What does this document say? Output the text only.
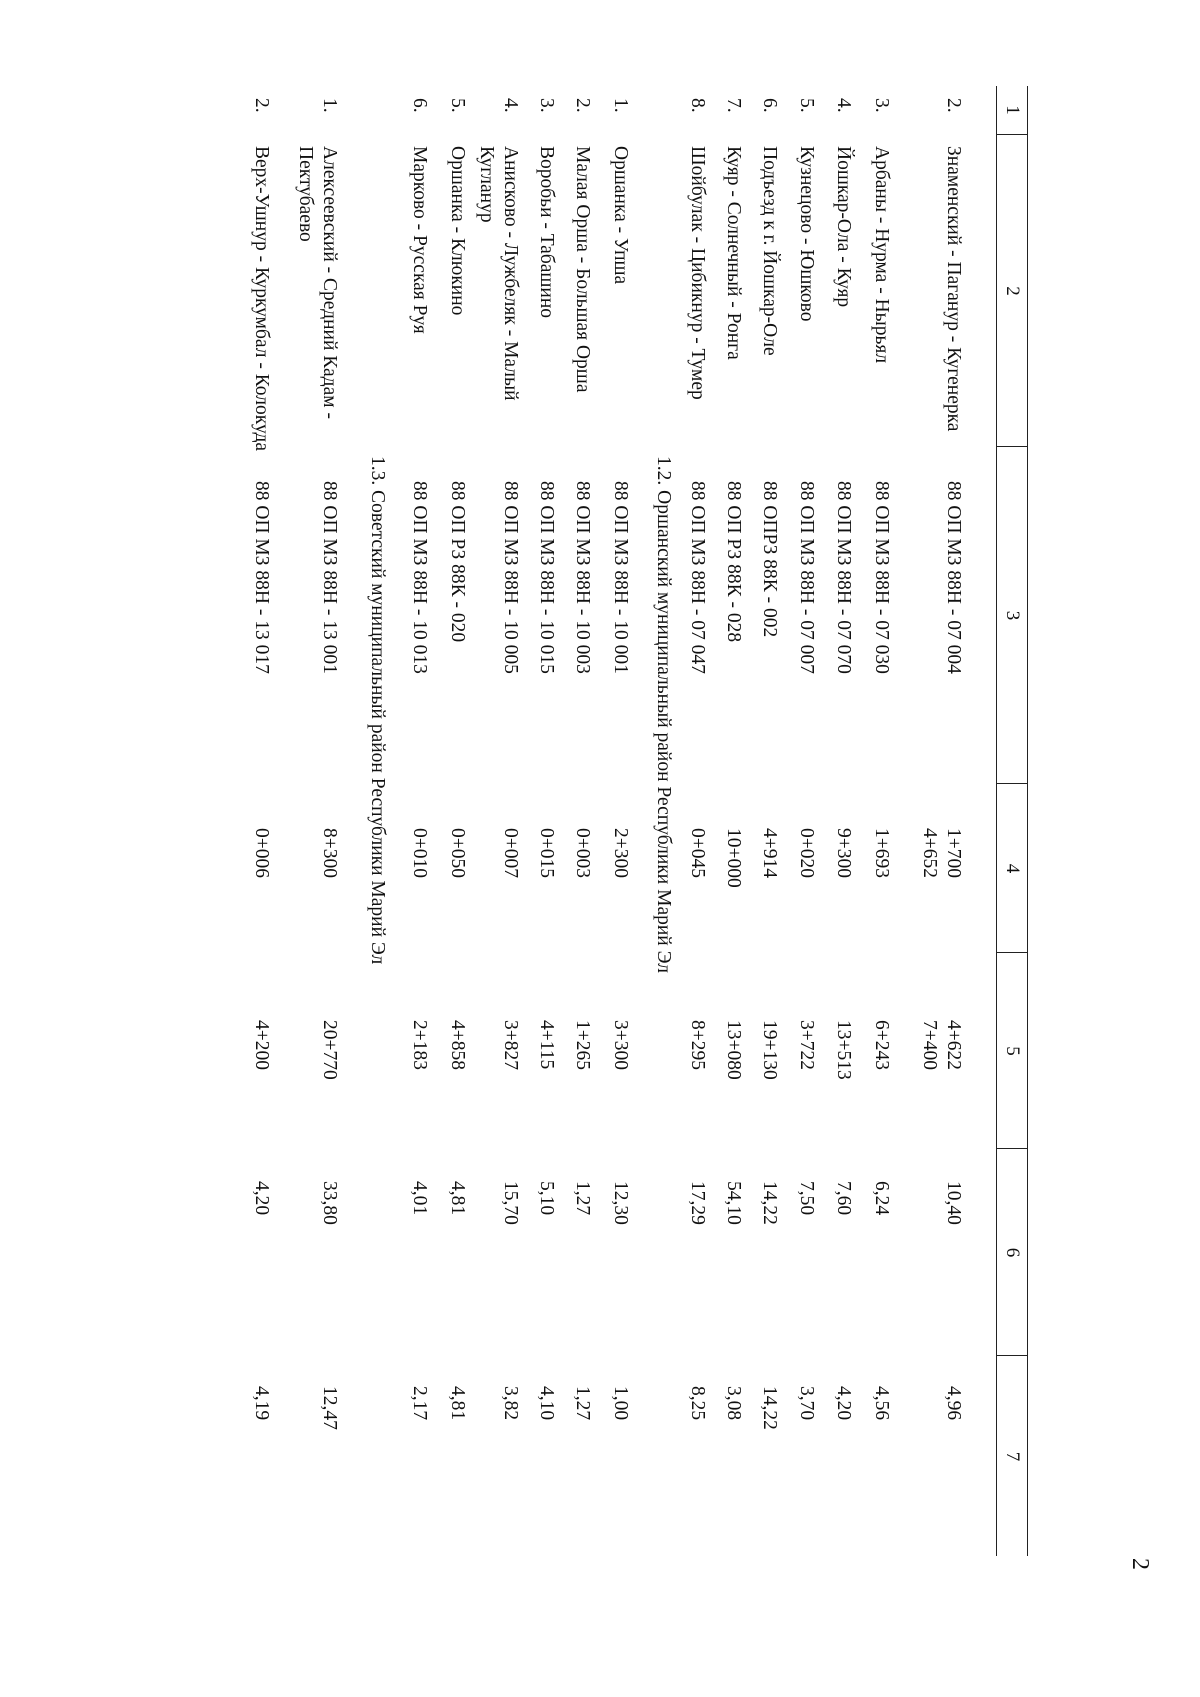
2
1
2
3
4
5
6
7
2.
Знаменский - Паганур - Кугенерка
88 ОП МЗ 88Н - 07 004
1+700
4+652
4+622
7+400
10,40
4,96
3.
Арбаны - Нурма - Нырьял
88 ОП МЗ 88Н - 07 030
1+693
6+243
6,24
4,56
4.
Йошкар-Ола - Куяр
88 ОП МЗ 88Н - 07 070
9+300
13+513
7,60
4,20
5.
Кузнецово - Юшково
88 ОП МЗ 88Н - 07 007
0+020
3+722
7,50
3,70
6.
Подъезд к г. Йошкар-Оле
88 ОПРЗ 88К - 002
4+914
19+130
14,22
14,22
7.
Куяр - Солнечный - Ронга
88 ОП РЗ 88К - 028
10+000
13+080
54,10
3,08
8.
Шойбулак - Цибикнур - Тумер
88 ОП МЗ 88Н - 07 047
0+045
8+295
17,29
8,25
1.2. Оршанский муниципальный район Республики Марий Эл
1.
Оршанка - Упша
88 ОП МЗ 88Н - 10 001
2+300
3+300
12,30
1,00
2.
Малая Орша - Большая Орша
88 ОП МЗ 88Н - 10 003
0+003
1+265
1,27
1,27
3.
Воробьи - Табашино
88 ОП МЗ 88Н - 10 015
0+015
4+115
5,10
4,10
4.
Анисково - Лужбеляк - Малый Кугланур
88 ОП МЗ 88Н - 10 005
0+007
3+827
15,70
3,82
5.
Оршанка - Клюкино
88 ОП РЗ 88К - 020
0+050
4+858
4,81
4,81
6.
Марково - Русская Руя
88 ОП МЗ 88Н - 10 013
0+010
2+183
4,01
2,17
1.3. Советский муниципальный район Республики Марий Эл
1.
Алексеевский - Средний Кадам - Пектубаево
88 ОП МЗ 88Н - 13 001
8+300
20+770
33,80
12,47
2.
Верх-Ушнур - Куркумбал - Колокуда
88 ОП МЗ 88Н - 13 017
0+006
4+200
4,20
4,19
